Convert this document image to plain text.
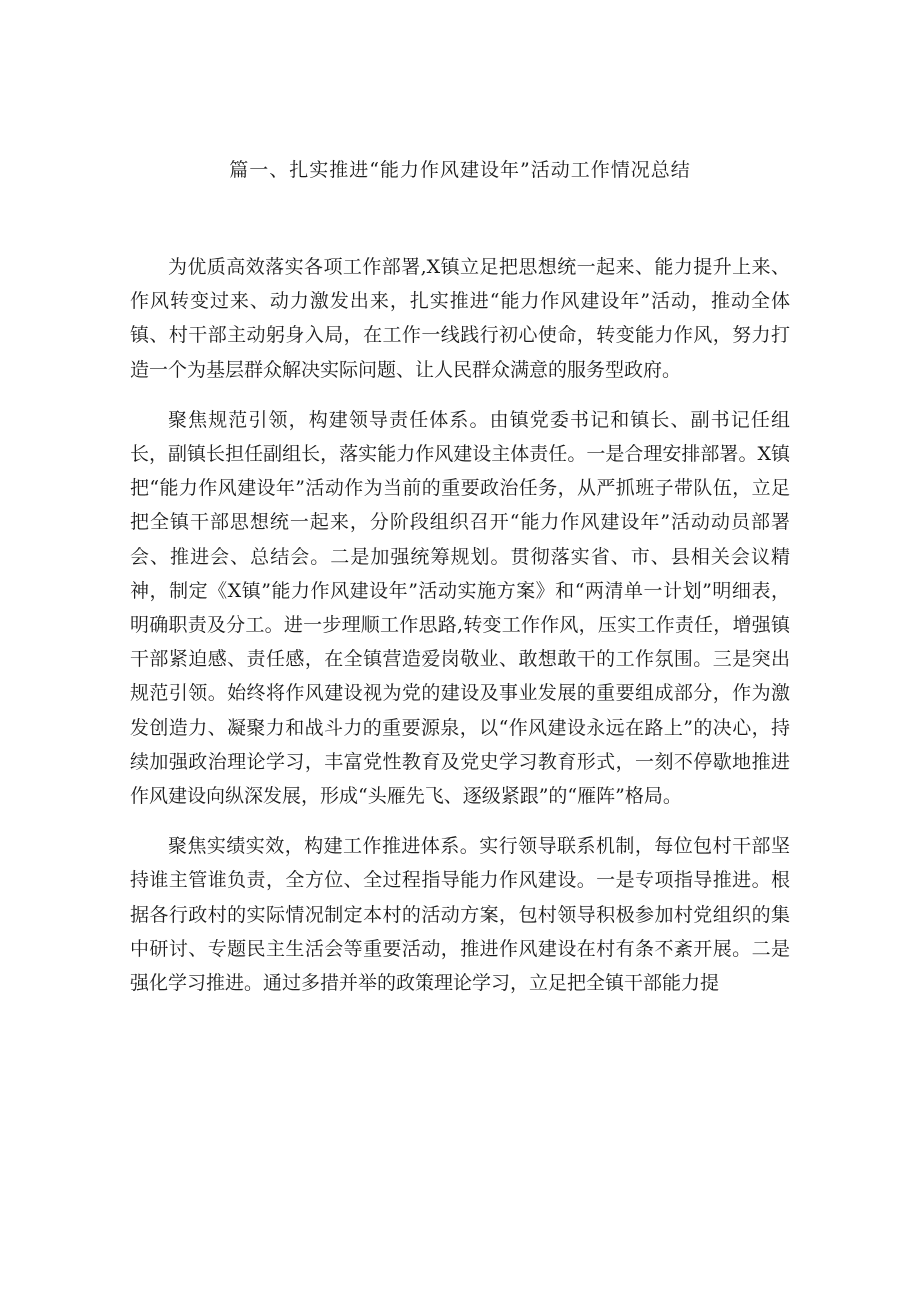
篇一、扎实推进“能力作风建设年”活动工作情况总结

为优质高效落实各项工作部署,X镇立足把思想统一起来、能力提升上来、作风转变过来、动力激发出来，扎实推进“能力作风建设年”活动，推动全体镇、村干部主动躬身入局，在工作一线践行初心使命，转变能力作风，努力打造一个为基层群众解决实际问题、让人民群众满意的服务型政府。

聚焦规范引领，构建领导责任体系。由镇党委书记和镇长、副书记任组长，副镇长担任副组长，落实能力作风建设主体责任。一是合理安排部署。X镇把“能力作风建设年”活动作为当前的重要政治任务，从严抓班子带队伍，立足把全镇干部思想统一起来，分阶段组织召开“能力作风建设年”活动动员部署会、推进会、总结会。二是加强统筹规划。贯彻落实省、市、县相关会议精神，制定《X镇”能力作风建设年”活动实施方案》和“两清单一计划”明细表，明确职责及分工。进一步理顺工作思路,转变工作作风，压实工作责任，增强镇干部紧迫感、责任感，在全镇营造爱岗敬业、敢想敢干的工作氛围。三是突出规范引领。始终将作风建设视为党的建设及事业发展的重要组成部分，作为激发创造力、凝聚力和战斗力的重要源泉，以“作风建设永远在路上”的决心，持续加强政治理论学习，丰富党性教育及党史学习教育形式，一刻不停歇地推进作风建设向纵深发展，形成“头雁先飞、逐级紧跟”的“雁阵”格局。

聚焦实绩实效，构建工作推进体系。实行领导联系机制，每位包村干部坚持谁主管谁负责，全方位、全过程指导能力作风建设。一是专项指导推进。根据各行政村的实际情况制定本村的活动方案，包村领导积极参加村党组织的集中研讨、专题民主生活会等重要活动，推进作风建设在村有条不紊开展。二是强化学习推进。通过多措并举的政策理论学习，立足把全镇干部能力提
